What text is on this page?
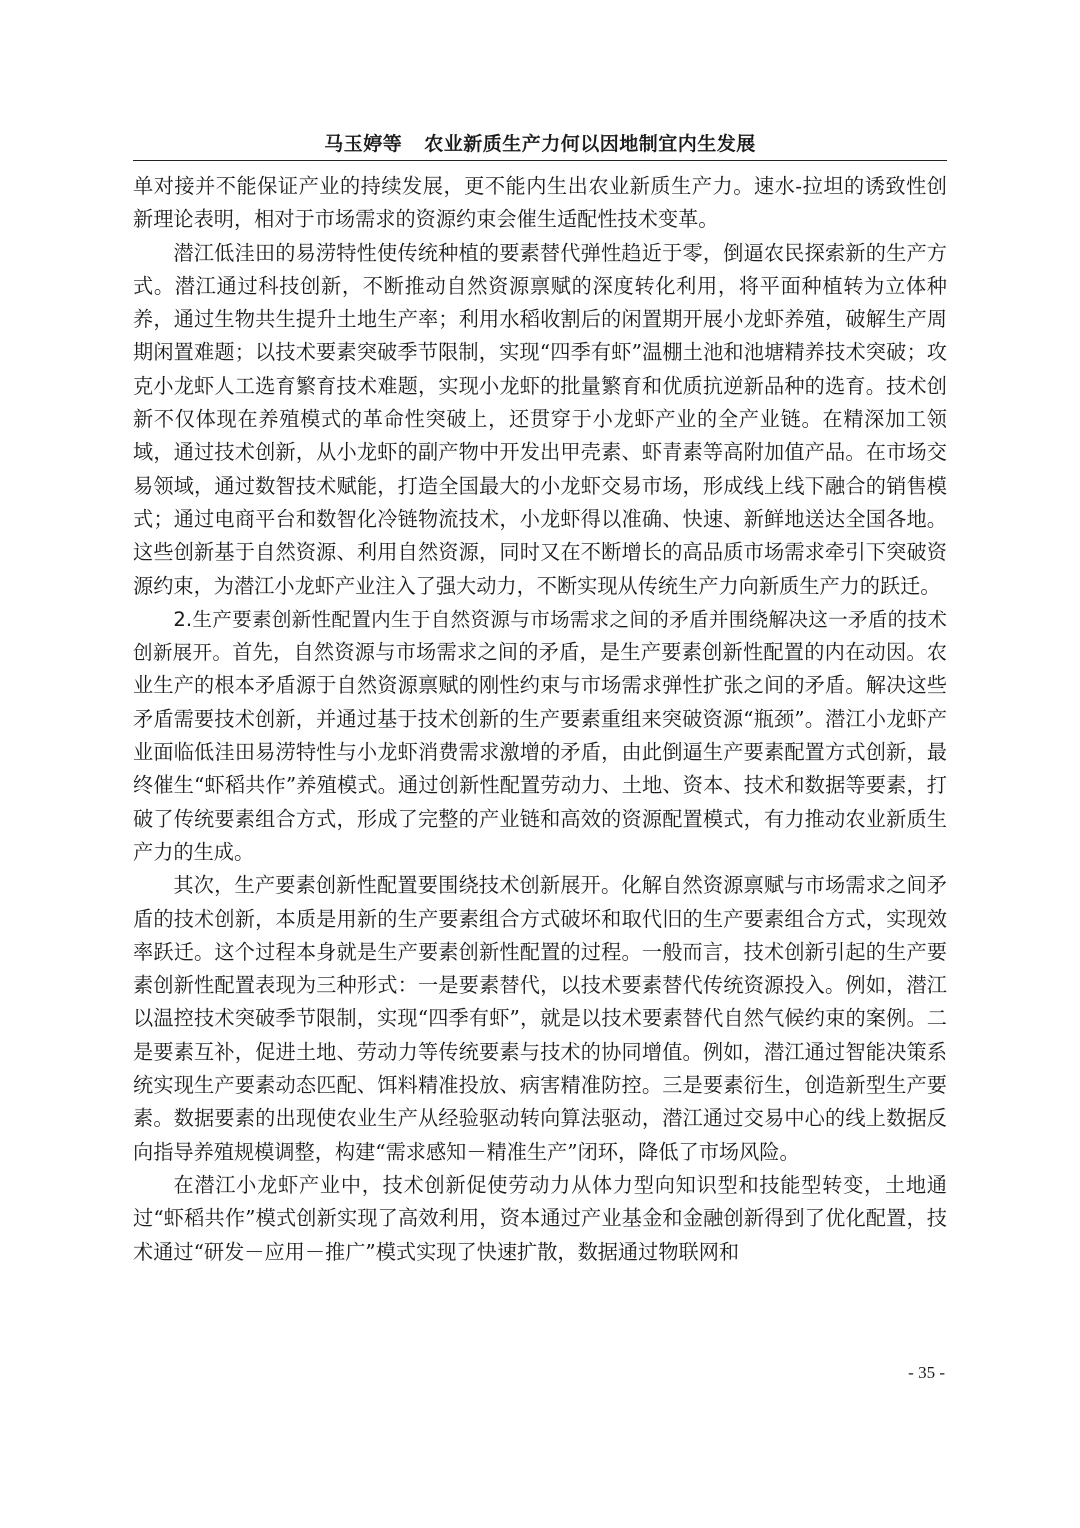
马玉婷等 农业新质生产力何以因地制宜内生发展

单对接并不能保证产业的持续发展，更不能内生出农业新质生产力。速水-拉坦的诱致性创新理论表明，相对于市场需求的资源约束会催生适配性技术变革。

潜江低洼田的易涝特性使传统种植的要素替代弹性趋近于零，倒逼农民探索新的生产方式。潜江通过科技创新，不断推动自然资源禀赋的深度转化利用，将平面种植转为立体种养，通过生物共生提升土地生产率；利用水稻收割后的闲置期开展小龙虾养殖，破解生产周期闲置难题；以技术要素突破季节限制，实现“四季有虾”温棚土池和池塘精养技术突破；攻克小龙虾人工选育繁育技术难题，实现小龙虾的批量繁育和优质抗逆新品种的选育。技术创新不仅体现在养殖模式的革命性突破上，还贯穿于小龙虾产业的全产业链。在精深加工领域，通过技术创新，从小龙虾的副产物中开发出甲壳素、虾青素等高附加值产品。在市场交易领域，通过数智技术赋能，打造全国最大的小龙虾交易市场，形成线上线下融合的销售模式；通过电商平台和数智化冷链物流技术，小龙虾得以准确、快速、新鲜地送达全国各地。这些创新基于自然资源、利用自然资源，同时又在不断增长的高品质市场需求牵引下突破资源约束，为潜江小龙虾产业注入了强大动力，不断实现从传统生产力向新质生产力的跃迁。

2.生产要素创新性配置内生于自然资源与市场需求之间的矛盾并围绕解决这一矛盾的技术创新展开。首先，自然资源与市场需求之间的矛盾，是生产要素创新性配置的内在动因。农业生产的根本矛盾源于自然资源禀赋的刚性约束与市场需求弹性扩张之间的矛盾。解决这些矛盾需要技术创新，并通过基于技术创新的生产要素重组来突破资源“瓶颈”。潜江小龙虾产业面临低洼田易涝特性与小龙虾消费需求激增的矛盾，由此倒逼生产要素配置方式创新，最终催生“虾稻共作”养殖模式。通过创新性配置劳动力、土地、资本、技术和数据等要素，打破了传统要素组合方式，形成了完整的产业链和高效的资源配置模式，有力推动农业新质生产力的生成。

其次，生产要素创新性配置要围绕技术创新展开。化解自然资源禀赋与市场需求之间矛盾的技术创新，本质是用新的生产要素组合方式破坏和取代旧的生产要素组合方式，实现效率跃迁。这个过程本身就是生产要素创新性配置的过程。一般而言，技术创新引起的生产要素创新性配置表现为三种形式：一是要素替代，以技术要素替代传统资源投入。例如，潜江以温控技术突破季节限制，实现“四季有虾”，就是以技术要素替代自然气候约束的案例。二是要素互补，促进土地、劳动力等传统要素与技术的协同增值。例如，潜江通过智能决策系统实现生产要素动态匹配、饵料精准投放、病害精准防控。三是要素衍生，创造新型生产要素。数据要素的出现使农业生产从经验驱动转向算法驱动，潜江通过交易中心的线上数据反向指导养殖规模调整，构建“需求感知－精准生产”闭环，降低了市场风险。

在潜江小龙虾产业中，技术创新促使劳动力从体力型向知识型和技能型转变，土地通过“虾稻共作”模式创新实现了高效利用，资本通过产业基金和金融创新得到了优化配置，技术通过“研发－应用－推广”模式实现了快速扩散，数据通过物联网和

- 35 -
